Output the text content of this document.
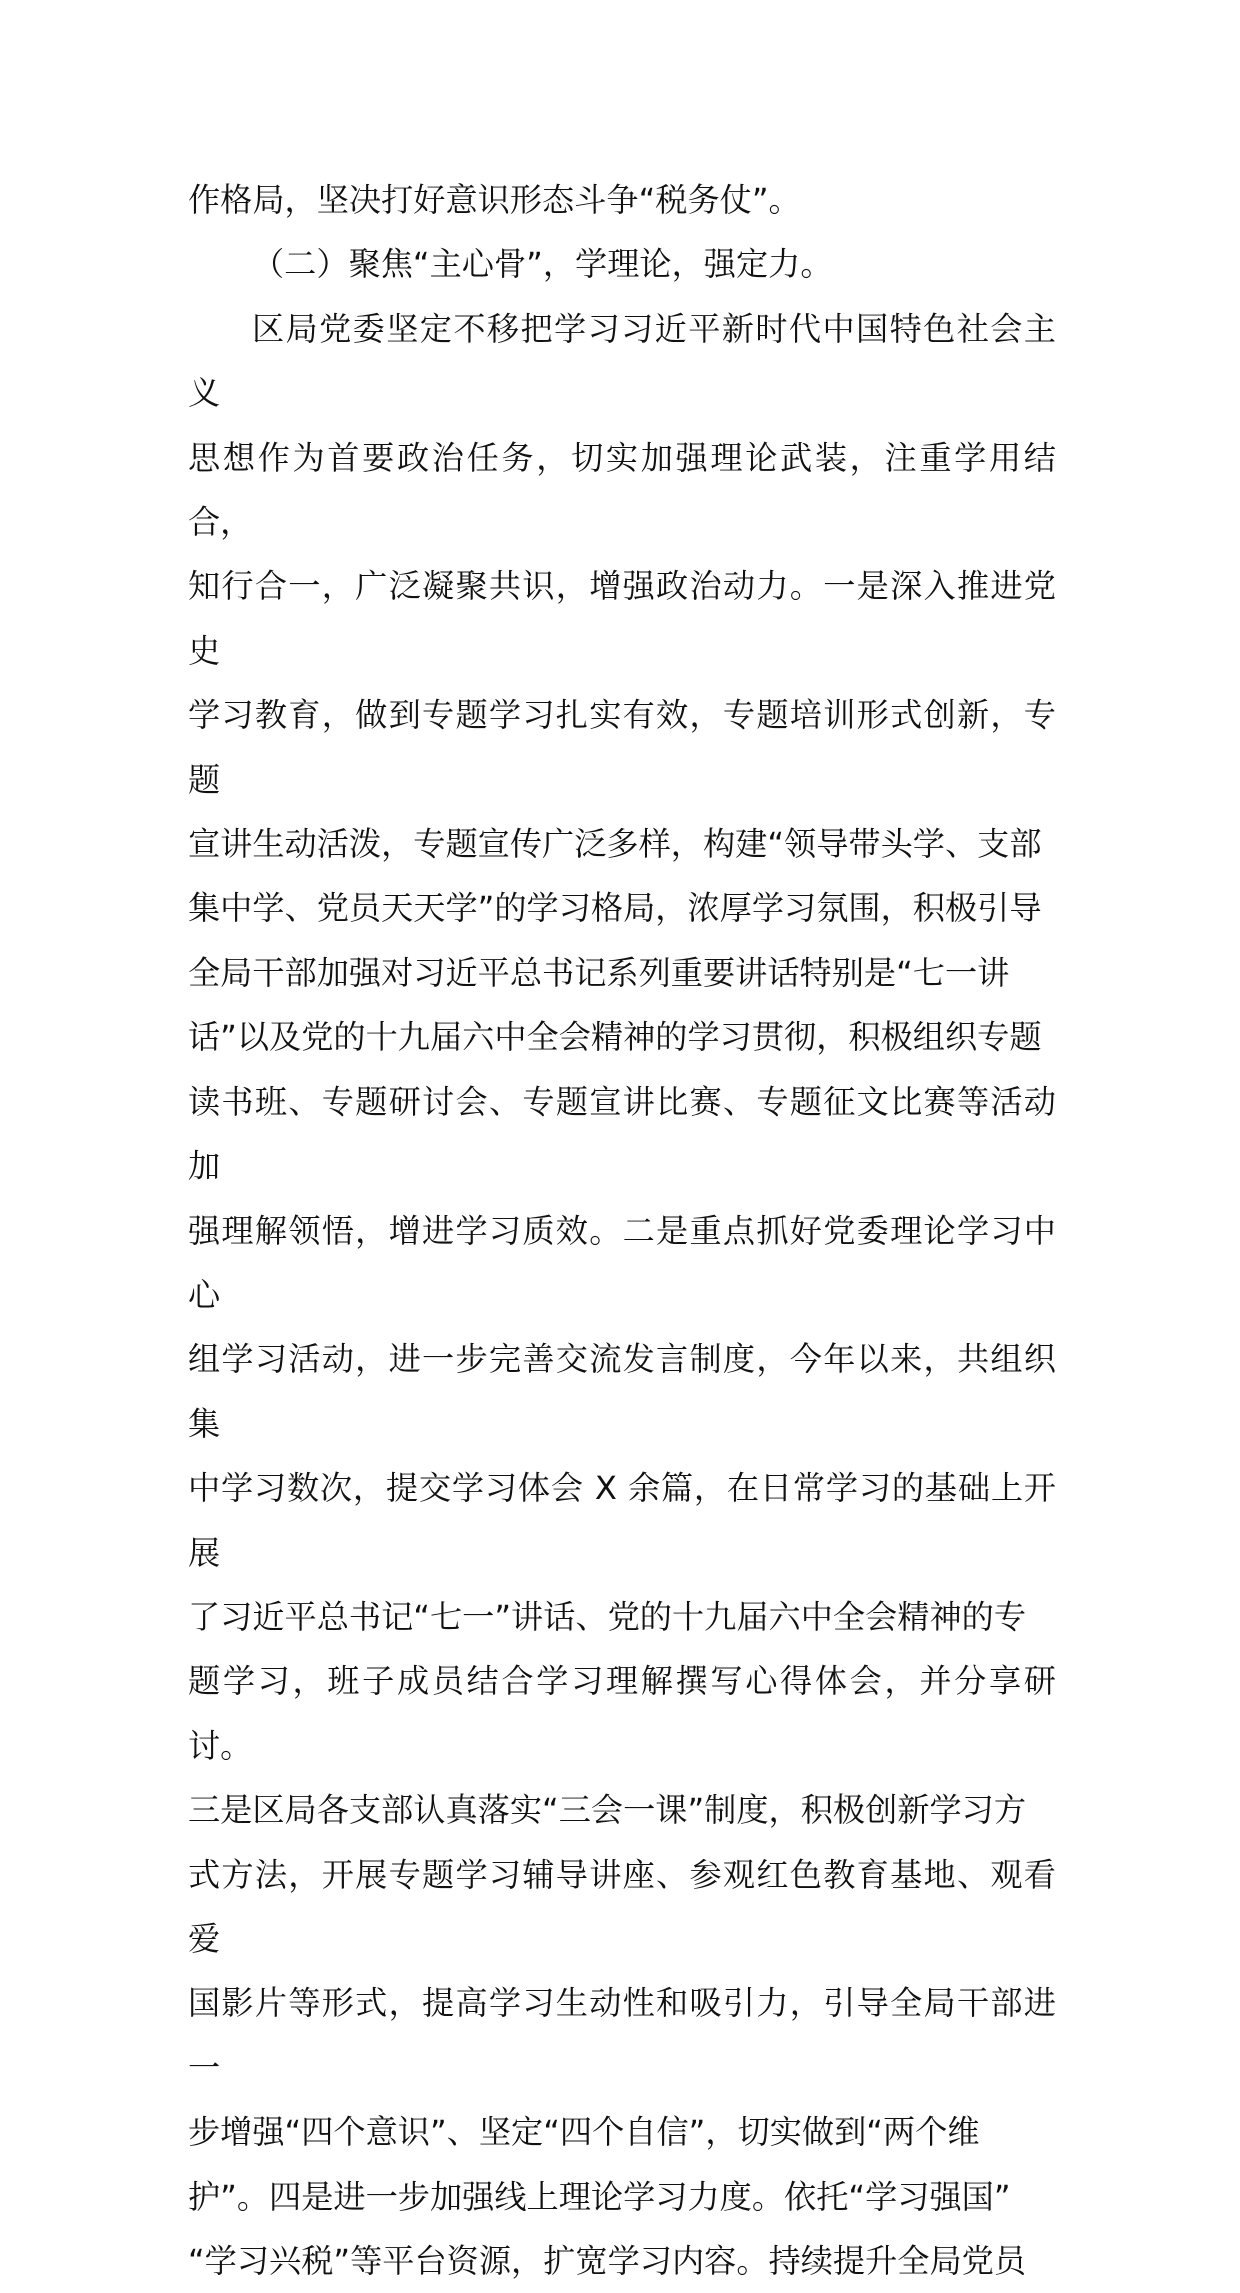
作格局，坚决打好意识形态斗争“税务仗”。

（二）聚焦“主心骨”，学理论，强定力。

区局党委坚定不移把学习习近平新时代中国特色社会主义

思想作为首要政治任务，切实加强理论武装，注重学用结合，

知行合一，广泛凝聚共识，增强政治动力。一是深入推进党史

学习教育，做到专题学习扎实有效，专题培训形式创新，专题

宣讲生动活泼，专题宣传广泛多样，构建“领导带头学、支部

集中学、党员天天学”的学习格局，浓厚学习氛围，积极引导

全局干部加强对习近平总书记系列重要讲话特别是“七一讲

话”以及党的十九届六中全会精神的学习贯彻，积极组织专题

读书班、专题研讨会、专题宣讲比赛、专题征文比赛等活动加

强理解领悟，增进学习质效。二是重点抓好党委理论学习中心

组学习活动，进一步完善交流发言制度，今年以来，共组织集

中学习数次，提交学习体会 X 余篇，在日常学习的基础上开展

了习近平总书记“七一”讲话、党的十九届六中全会精神的专

题学习，班子成员结合学习理解撰写心得体会，并分享研讨。

三是区局各支部认真落实“三会一课”制度，积极创新学习方

式方法，开展专题学习辅导讲座、参观红色教育基地、观看爱

国影片等形式，提高学习生动性和吸引力，引导全局干部进一

步增强“四个意识”、坚定“四个自信”，切实做到“两个维

护”。四是进一步加强线上理论学习力度。依托“学习强国”

“学习兴税”等平台资源，扩宽学习内容。持续提升全局党员
